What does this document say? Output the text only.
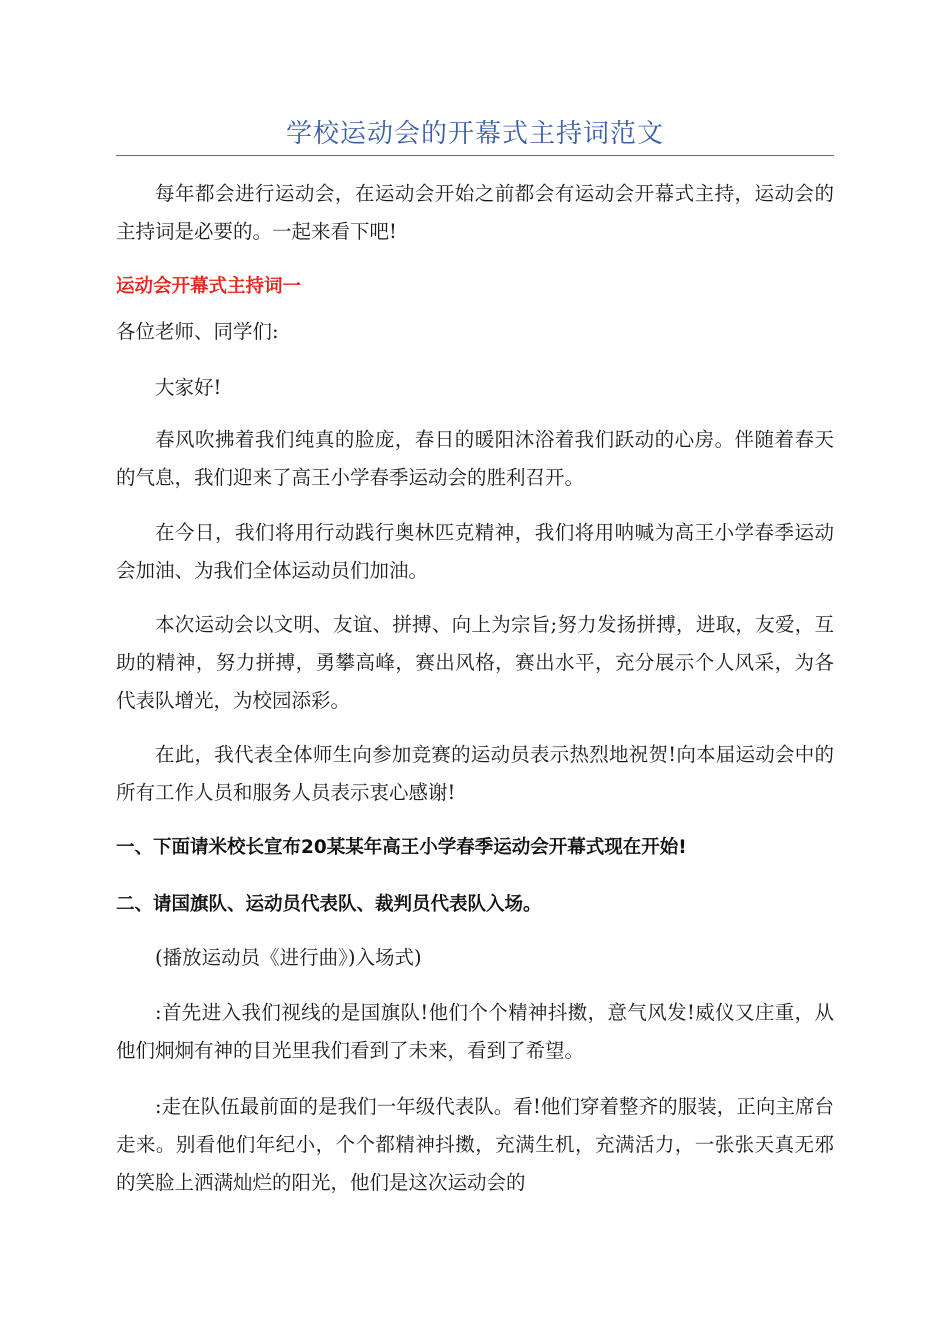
学校运动会的开幕式主持词范文

每年都会进行运动会，在运动会开始之前都会有运动会开幕式主持，运动会的主持词是必要的。一起来看下吧!

运动会开幕式主持词一

各位老师、同学们:

大家好!

春风吹拂着我们纯真的脸庞，春日的暖阳沐浴着我们跃动的心房。伴随着春天的气息，我们迎来了高王小学春季运动会的胜利召开。

在今日，我们将用行动践行奥林匹克精神，我们将用呐喊为高王小学春季运动会加油、为我们全体运动员们加油。

本次运动会以文明、友谊、拼搏、向上为宗旨;努力发扬拼搏，进取，友爱，互助的精神，努力拼搏，勇攀高峰，赛出风格，赛出水平，充分展示个人风采，为各代表队增光，为校园添彩。

在此，我代表全体师生向参加竞赛的运动员表示热烈地祝贺!向本届运动会中的所有工作人员和服务人员表示衷心感谢!

一、下面请米校长宣布20某某年高王小学春季运动会开幕式现在开始!
二、请国旗队、运动员代表队、裁判员代表队入场。

(播放运动员《进行曲》)入场式)

:首先进入我们视线的是国旗队!他们个个精神抖擞，意气风发!威仪又庄重，从他们炯炯有神的目光里我们看到了未来，看到了希望。

:走在队伍最前面的是我们一年级代表队。看!他们穿着整齐的服装，正向主席台走来。别看他们年纪小，个个都精神抖擞，充满生机，充满活力，一张张天真无邪的笑脸上洒满灿烂的阳光，他们是这次运动会的
